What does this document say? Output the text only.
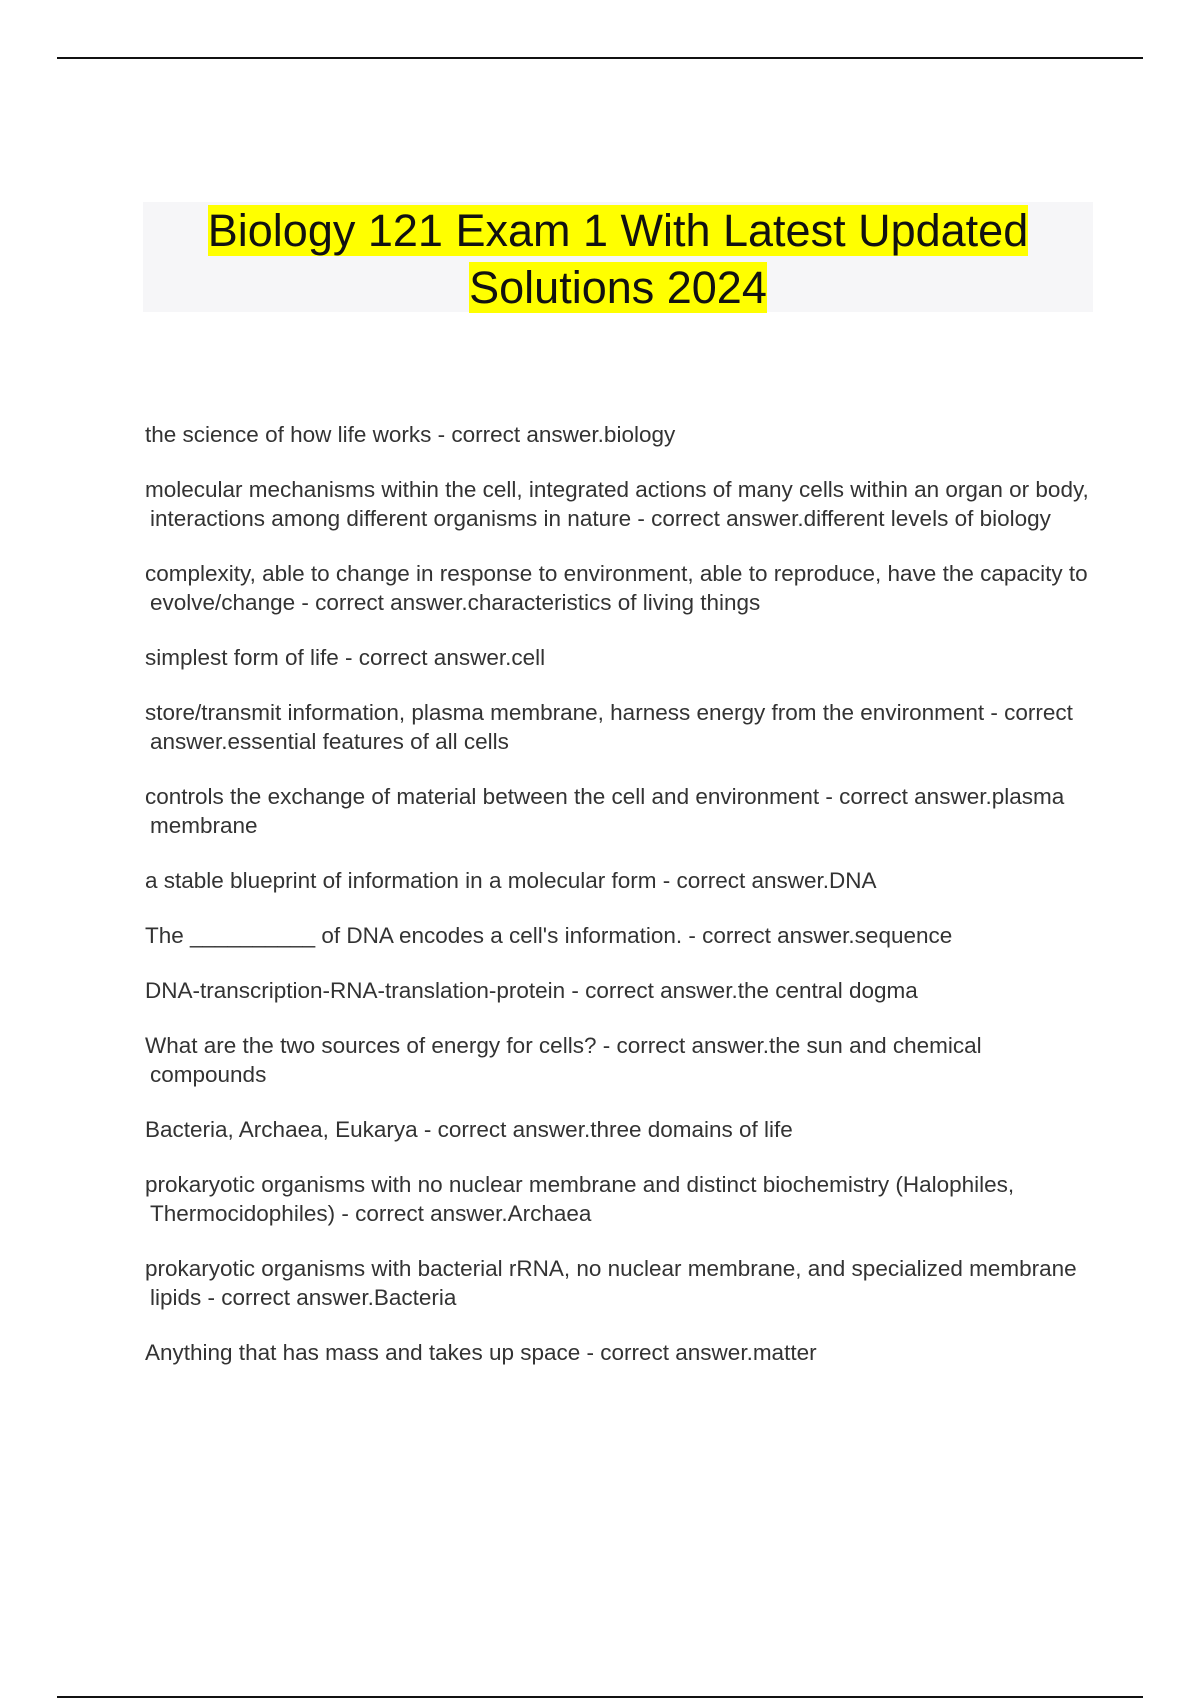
Biology 121 Exam 1 With Latest Updated Solutions 2024
the science of how life works - correct answer.biology
molecular mechanisms within the cell, integrated actions of many cells within an organ or body, interactions among different organisms in nature - correct answer.different levels of biology
complexity, able to change in response to environment, able to reproduce, have the capacity to evolve/change - correct answer.characteristics of living things
simplest form of life - correct answer.cell
store/transmit information, plasma membrane, harness energy from the environment - correct answer.essential features of all cells
controls the exchange of material between the cell and environment - correct answer.plasma membrane
a stable blueprint of information in a molecular form - correct answer.DNA
The __________ of DNA encodes a cell's information. - correct answer.sequence
DNA-transcription-RNA-translation-protein - correct answer.the central dogma
What are the two sources of energy for cells? - correct answer.the sun and chemical compounds
Bacteria, Archaea, Eukarya - correct answer.three domains of life
prokaryotic organisms with no nuclear membrane and distinct biochemistry (Halophiles, Thermocidophiles) - correct answer.Archaea
prokaryotic organisms with bacterial rRNA, no nuclear membrane, and specialized membrane lipids - correct answer.Bacteria
Anything that has mass and takes up space - correct answer.matter
